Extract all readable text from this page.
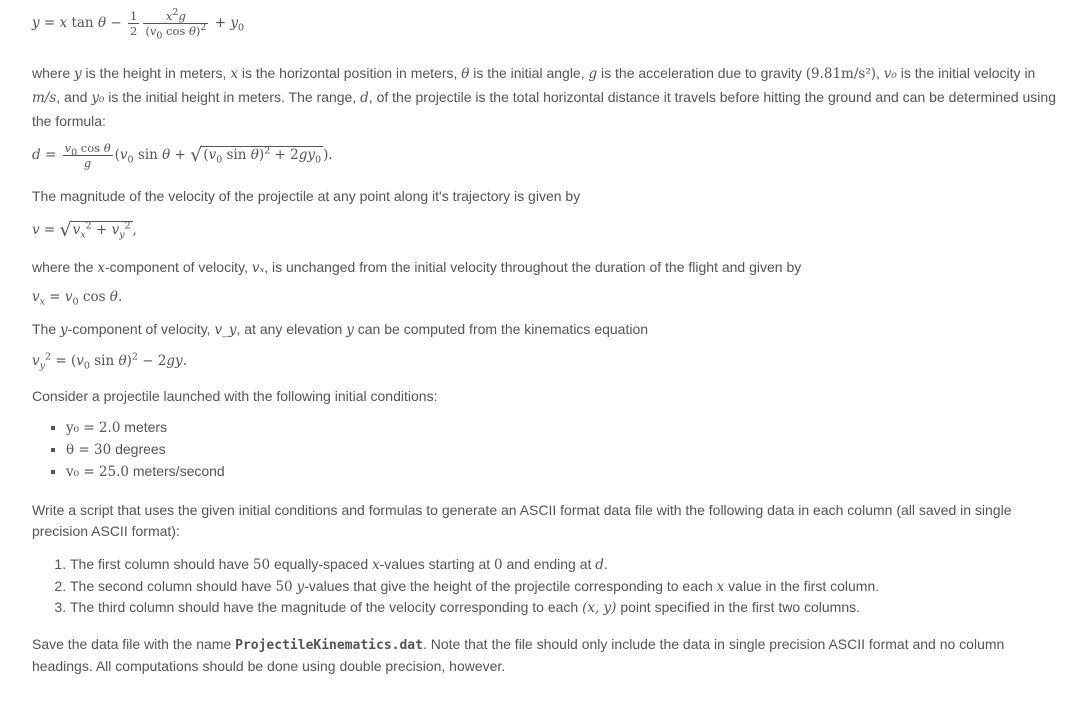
y = x $\tan \theta - \frac{1}{2} \frac{x^2g}{(v_0 \cos \theta)^2} + y_0$
where y is the height in meters, x is the horizontal position in meters, θ is the initial angle, g is the acceleration due to gravity (9.81m/s²), v₀ is the initial velocity in m/s, and y₀ is the initial height in meters. The range, d, of the projectile is the total horizontal distance it travels before hitting the ground and can be determined using the formula:
$d = \frac{v_0 \cos \theta}{g} (v_0$ $\sin \theta + √(v_0$ $\sin \theta)^2 + 2gy_0$ ).
The magnitude of the velocity of the projectile at any point along it's trajectory is given by
$v = √v_x^2 + v_y^2$ ,
where the x-component of velocity, vₓ, is unchanged from the initial velocity throughout the duration of the flight and given by
$v_x = v_0$ cos θ.
The y-component of velocity, v_y, at any elevation y can be computed from the kinematics equation
$v_y^2 = (v_0$ sin θ)$^2$ − 2gy.
Consider a projectile launched with the following initial conditions:
▪ y₀ = 2.0 meters
▪ θ = 30 degrees
▪ v₀ = 25.0 meters/second
Write a script that uses the given initial conditions and formulas to generate an ASCII format data file with the following data in each column (all saved in single precision ASCII format):
1. The first column should have 50 equally-spaced x-values starting at 0 and ending at d.
2. The second column should have 50 y-values that give the height of the projectile corresponding to each x value in the first column.
3. The third column should have the magnitude of the velocity corresponding to each (x, y) point specified in the first two columns.
Save the data file with the name ProjectileKinematics.dat. Note that the file should only include the data in single precision ASCII format and no column headings. All computations should be done using double precision, however.
